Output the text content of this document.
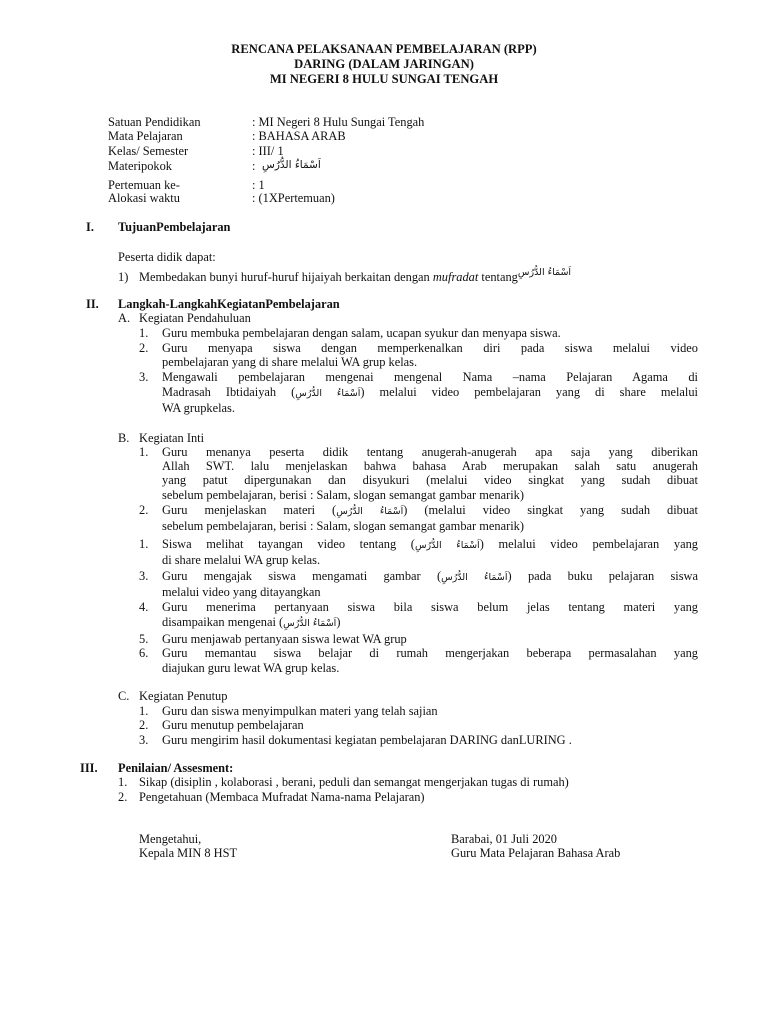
RENCANA PELAKSANAAN PEMBELAJARAN (RPP)
DARING (DALAM JARINGAN)
MI NEGERI 8 HULU SUNGAI TENGAH
Satuan Pendidikan	: MI Negeri 8 Hulu Sungai Tengah
Mata Pelajaran	: BAHASA ARAB
Kelas/ Semester	: III/ 1
Materipokok	: اَسْمَاءُ الدُّرُسِ
Pertemuan ke-	: 1
Alokasi waktu	: (1XPertemuan)
I. TujuanPembelajaran
Peserta didik dapat:
1) Membedakan bunyi huruf-huruf hijaiyah berkaitan dengan mufradat tentang$^{اَسْمَاءُ الدُّرُسِ}$
II. Langkah-LangkahKegiatanPembelajaran
A. Kegiatan Pendahuluan
1. Guru membuka pembelajaran dengan salam, ucapan syukur dan menyapa siswa.
2. Guru menyapa siswa dengan memperkenalkan diri pada siswa melalui video
pembelajaran yang di share melalui WA grup kelas.
3. Mengawali pembelajaran mengenai mengenal Nama –nama Pelajaran Agama di
Madrasah Ibtidaiyah (اَسْمَاءُ الدُّرُسِ) melalui video pembelajaran yang di share melalui
WA grupkelas.
B. Kegiatan Inti
1. Guru menanya peserta didik tentang anugerah-anugerah apa saja yang diberikan
Allah SWT. lalu menjelaskan bahwa bahasa Arab merupakan salah satu anugerah
yang patut dipergunakan dan disyukuri (melalui video singkat yang sudah dibuat
sebelum pembelajaran, berisi : Salam, slogan semangat gambar menarik)
2. Guru menjelaskan materi (اَسْمَاءُ الدُّرُسِ) (melalui video singkat yang sudah dibuat
sebelum pembelajaran, berisi : Salam, slogan semangat gambar menarik)
1. Siswa melihat tayangan video tentang (اَسْمَاءُ الدُّرُسِ) melalui video pembelajaran yang
di share melalui WA grup kelas.
3. Guru mengajak siswa mengamati gambar (اَسْمَاءُ الدُّرُسِ) pada buku pelajaran siswa
melalui video yang ditayangkan
4. Guru menerima pertanyaan siswa bila siswa belum jelas tentang materi yang
disampaikan mengenai (اَسْمَاءُ الدُّرُسِ)
5. Guru menjawab pertanyaan siswa lewat WA grup
6. Guru memantau siswa belajar di rumah mengerjakan beberapa permasalahan yang
diajukan guru lewat WA grup kelas.
C. Kegiatan Penutup
1. Guru dan siswa menyimpulkan materi yang telah sajian
2. Guru menutup pembelajaran
3. Guru mengirim hasil dokumentasi kegiatan pembelajaran DARING danLURING .
III. Penilaian/ Assesment:
1. Sikap (disiplin , kolaborasi , berani, peduli dan semangat mengerjakan tugas di rumah)
2. Pengetahuan (Membaca Mufradat Nama-nama Pelajaran)
Mengetahui,
Kepala MIN 8 HST
Barabai, 01 Juli 2020
Guru Mata Pelajaran Bahasa Arab
